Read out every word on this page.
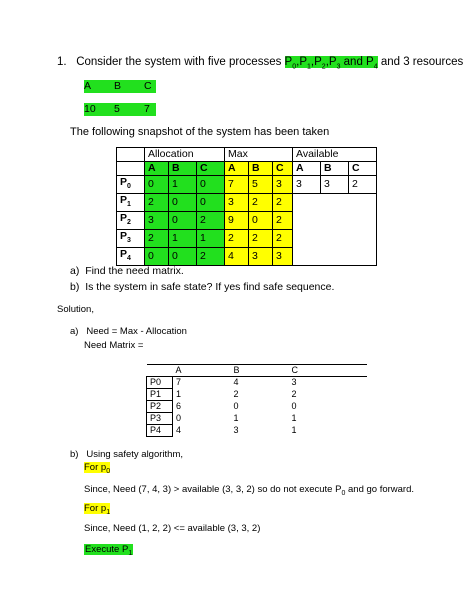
1. Consider the system with five processes $P_0,P_1,P_2,P_3$ and $P_4$ and 3 resources
A B C
10 5 7
The following snapshot of the system has been taken
	Allocation			Max			Available		
	A	B	C	A	B	C	A	B	C
$P_0$	0	1	0	7	5	3	3	3	2
$P_1$	2	0	0	3	2	2			
$P_2$	3	0	2	9	0	2			
$P_3$	2	1	1	2	2	2			
$P_4$	0	0	2	4	3	3			
a) Find the need matrix.
b) Is the system in safe state? If yes find safe sequence.
Solution,
a) Need = Max - Allocation
Need Matrix =
	A	B	C
P0	7	4	3
P1	1	2	2
P2	6	0	0
P3	0	1	1
P4	4	3	1
b) Using safety algorithm,
For $p_0$
Since, Need (7, 4, 3) > available (3, 3, 2) so do not execute $P_0$ and go forward.
For $p_1$
Since, Need (1, 2, 2) <= available (3, 3, 2)
Execute $P_1$
